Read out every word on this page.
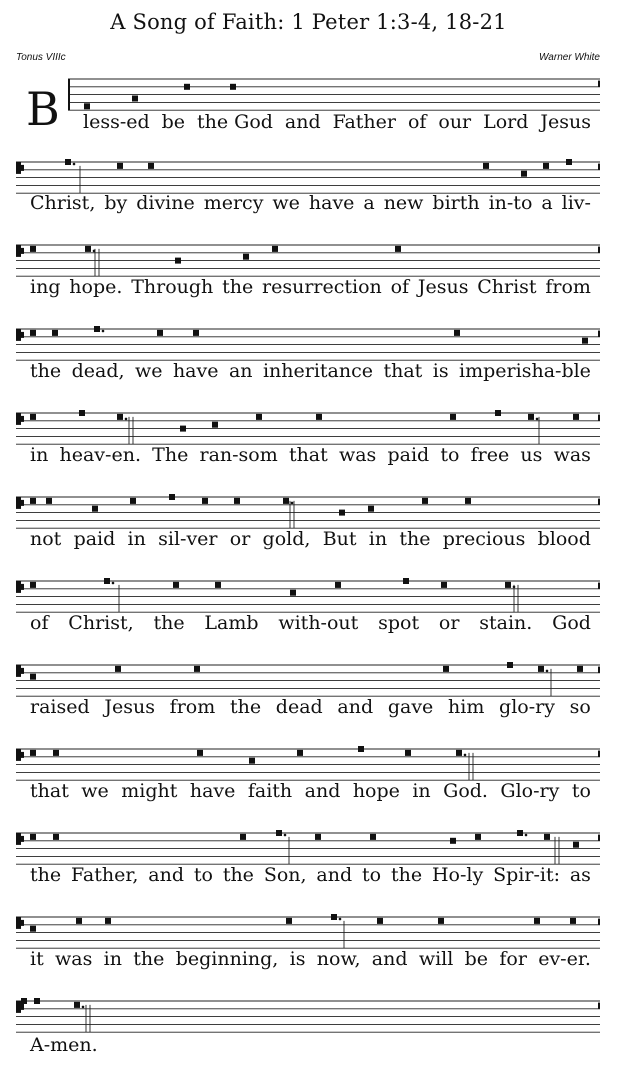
A Song of Faith: 1 Peter 1:3-4, 18-21
Tonus VIIIc	Warner White
B less-ed be the God and Father of our Lord Jesus
Christ, by divine mercy we have a new birth in-to a liv-
ing hope. Through the resurrection of Jesus Christ from
the dead, we have an inheritance that is imperisha-ble
in heav-en. The ran-som that was paid to free us was
not paid in sil-ver or gold, But in the precious blood
of Christ, the Lamb with-out spot or stain. God
raised Jesus from the dead and gave him glo-ry so
that we might have faith and hope in God. Glo-ry to
the Father, and to the Son, and to the Ho-ly Spir-it: as
it was in the beginning, is now, and will be for ev-er.
A-men.
